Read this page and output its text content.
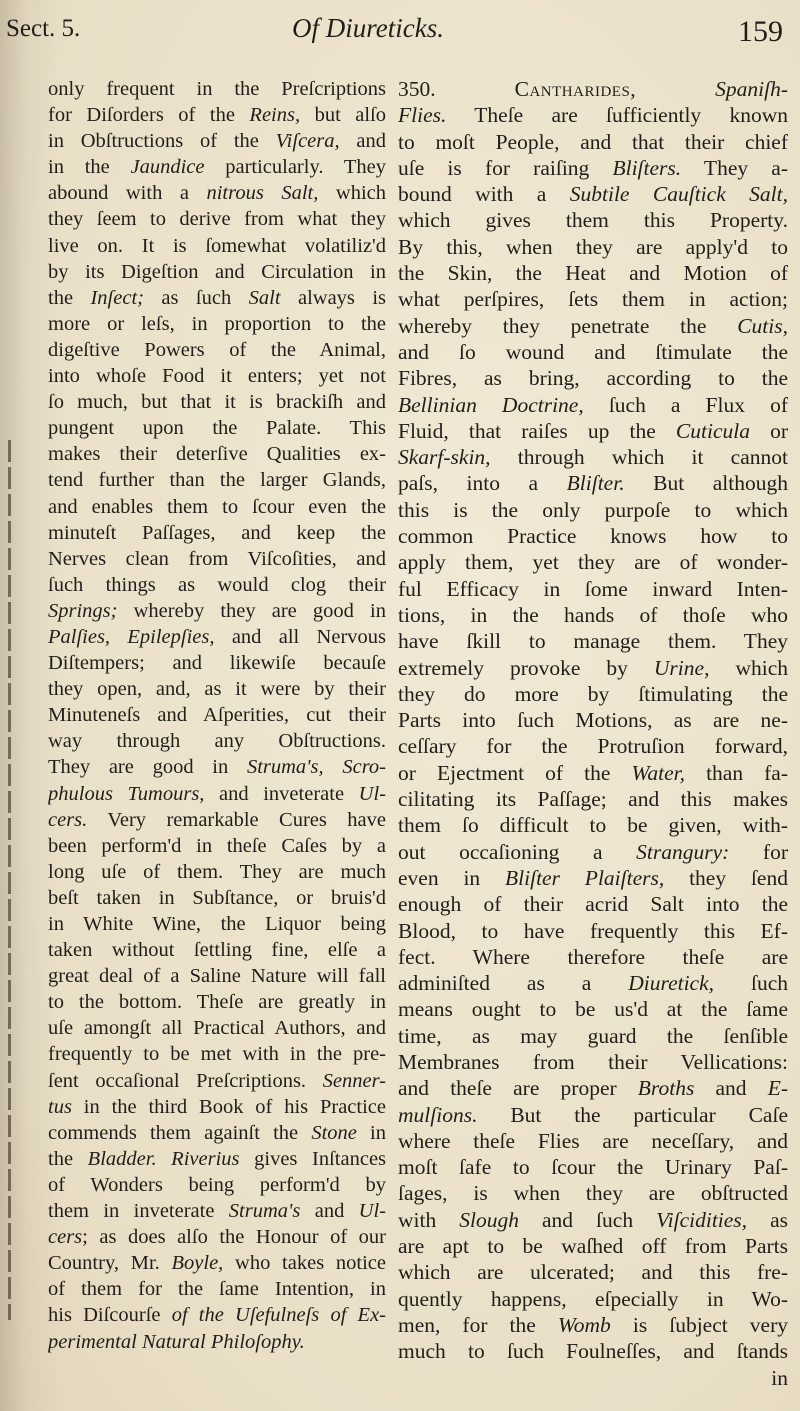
Sect. 5.	Of Diureticks.	159
only frequent in the Preſcriptions
for Diſorders of the Reins, but alſo
in Obſtructions of the Viſcera, and
in the Jaundice particularly. They
abound with a nitrous Salt, which
they ſeem to derive from what they
live on. It is ſomewhat volatiliz'd
by its Digeſtion and Circulation in
the Inſect; as ſuch Salt always is
more or leſs, in proportion to the
digeſtive Powers of the Animal,
into whoſe Food it enters; yet not
ſo much, but that it is brackiſh and
pungent upon the Palate. This
makes their deterſive Qualities ex-
tend further than the larger Glands,
and enables them to ſcour even the
minuteſt Paſſages, and keep the
Nerves clean from Viſcoſities, and
ſuch things as would clog their
Springs; whereby they are good in
Palſies, Epilepſies, and all Nervous
Diſtempers; and likewiſe becauſe
they open, and, as it were by their
Minuteneſs and Aſperities, cut their
way through any Obſtructions.
They are good in Struma's, Scro-
phulous Tumours, and inveterate Ul-
cers. Very remarkable Cures have
been perform'd in theſe Caſes by a
long uſe of them. They are much
beſt taken in Subſtance, or bruis'd
in White Wine, the Liquor being
taken without ſettling fine, elſe a
great deal of a Saline Nature will fall
to the bottom. Theſe are greatly in
uſe amongſt all Practical Authors, and
frequently to be met with in the pre-
ſent occaſional Preſcriptions. Senner-
tus in the third Book of his Practice
commends them againſt the Stone in
the Bladder. Riverius gives Inſtances
of Wonders being perform'd by
them in inveterate Struma's and Ul-
cers; as does alſo the Honour of our
Country, Mr. Boyle, who takes notice
of them for the ſame Intention, in
his Diſcourſe of the Uſefulneſs of Ex-
perimental Natural Philoſophy.
350. Cantharides,	Spaniſh-
Flies. Theſe are ſufficiently known
to moſt People, and that their chief
uſe is for raiſing Bliſters. They a-
bound with a Subtile Cauſtick Salt,
which gives them this Property.
By this, when they are apply'd to
the Skin, the Heat and Motion of
what perſpires, ſets them in action;
whereby they penetrate the Cutis,
and ſo wound and ſtimulate the
Fibres, as bring, according to the
Bellinian Doctrine, ſuch a Flux of
Fluid, that raiſes up the Cuticula or
Skarf-skin, through which it cannot
paſs, into a Bliſter. But although
this is the only purpoſe to which
common Practice knows how to
apply them, yet they are of wonder-
ful Efficacy in ſome inward Inten-
tions, in the hands of thoſe who
have ſkill to manage them. They
extremely provoke by Urine, which
they do more by ſtimulating the
Parts into ſuch Motions, as are ne-
ceſſary for the Protruſion forward,
or Ejectment of the Water, than fa-
cilitating its Paſſage; and this makes
them ſo difficult to be given, with-
out occaſioning a Strangury: for
even in Bliſter Plaiſters, they ſend
enough of their acrid Salt into the
Blood, to have frequently this Ef-
fect. Where therefore theſe are
adminiſted as a Diuretick, ſuch
means ought to be us'd at the ſame
time, as may guard the ſenſible
Membranes from their Vellications:
and theſe are proper Broths and E-
mulſions. But the particular Caſe
where theſe Flies are neceſſary, and
moſt ſafe to ſcour the Urinary Paſ-
ſages, is when they are obſtructed
with Slough and ſuch Viſcidities, as
are apt to be waſhed off from Parts
which are ulcerated; and this fre-
quently happens, eſpecially in Wo-
men, for the Womb is ſubject very
much to ſuch Foulneſſes, and ſtands
in
